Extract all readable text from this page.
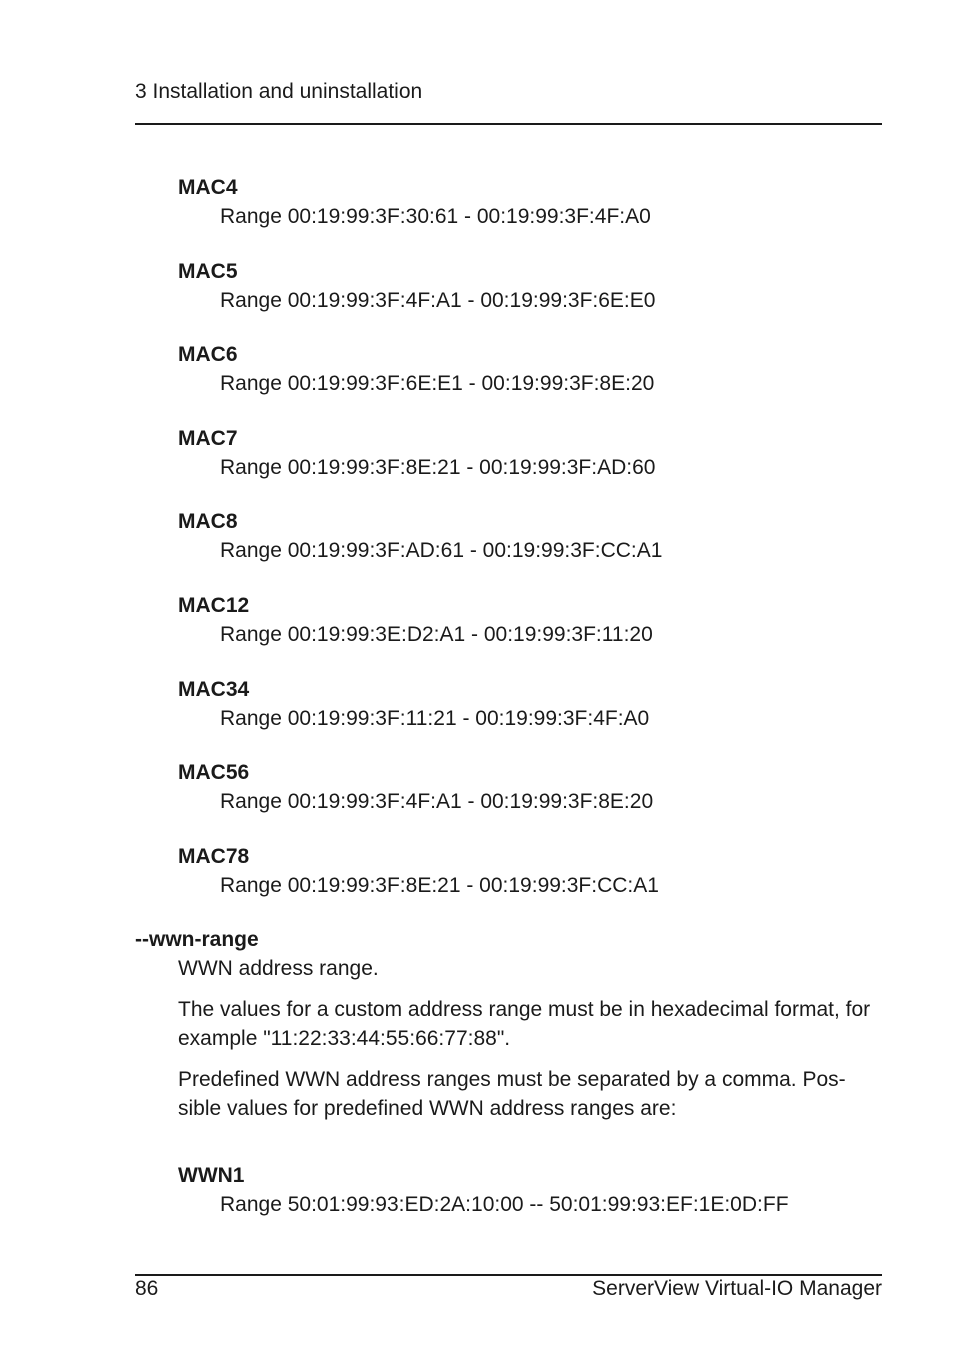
3 Installation and uninstallation

MAC4

Range 00:19:99:3F:30:61 - 00:19:99:3F:4F:A0

MAC5

Range 00:19:99:3F:4F:A1 - 00:19:99:3F:6E:E0

MAC6

Range 00:19:99:3F:6E:E1 - 00:19:99:3F:8E:20

MAC7

Range 00:19:99:3F:8E:21 - 00:19:99:3F:AD:60

MAC8

Range 00:19:99:3F:AD:61 - 00:19:99:3F:CC:A1

MAC12

Range 00:19:99:3E:D2:A1 - 00:19:99:3F:11:20

MAC34

Range 00:19:99:3F:11:21 - 00:19:99:3F:4F:A0

MAC56

Range 00:19:99:3F:4F:A1 - 00:19:99:3F:8E:20

MAC78

Range 00:19:99:3F:8E:21 - 00:19:99:3F:CC:A1

--wwn-range

WWN address range.

The values for a custom address range must be in hexadecimal format, for example "11:22:33:44:55:66:77:88".

Predefined WWN address ranges must be separated by a comma. Pos-sible values for predefined WWN address ranges are:

WWN1

Range 50:01:99:93:ED:2A:10:00 -- 50:01:99:93:EF:1E:0D:FF
86	ServerView Virtual-IO Manager
